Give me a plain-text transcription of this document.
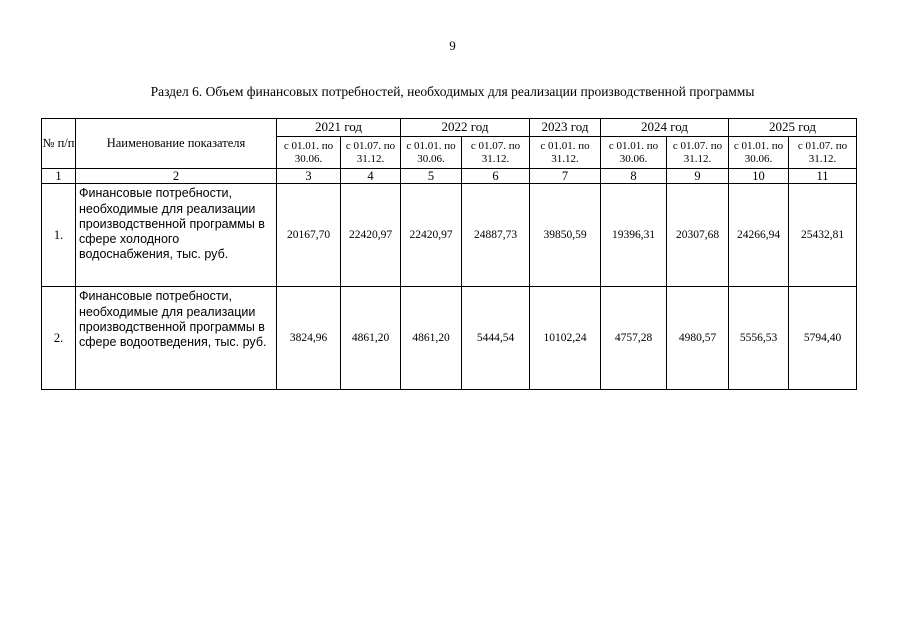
9
Раздел 6. Объем финансовых потребностей, необходимых для реализации производственной программы
№ п/п	Наименование показателя	2021 год		2022 год		2023 год	2024 год		2025 год	
		с 01.01. по 30.06.	с 01.07. по 31.12.	с 01.01. по 30.06.	с 01.07. по 31.12.	с 01.01. по 31.12.	с 01.01. по 30.06.	с 01.07. по 31.12.	с 01.01. по 30.06.	с 01.07. по 31.12.
1	2	3	4	5	6	7	8	9	10	11
1.	Финансовые потребности, необходимые для реализации производственной программы в сфере холодного водоснабжения, тыс. руб.	20167,70	22420,97	22420,97	24887,73	39850,59	19396,31	20307,68	24266,94	25432,81
2.	Финансовые потребности, необходимые для реализации производственной программы в сфере водоотведения, тыс. руб.	3824,96	4861,20	4861,20	5444,54	10102,24	4757,28	4980,57	5556,53	5794,40
